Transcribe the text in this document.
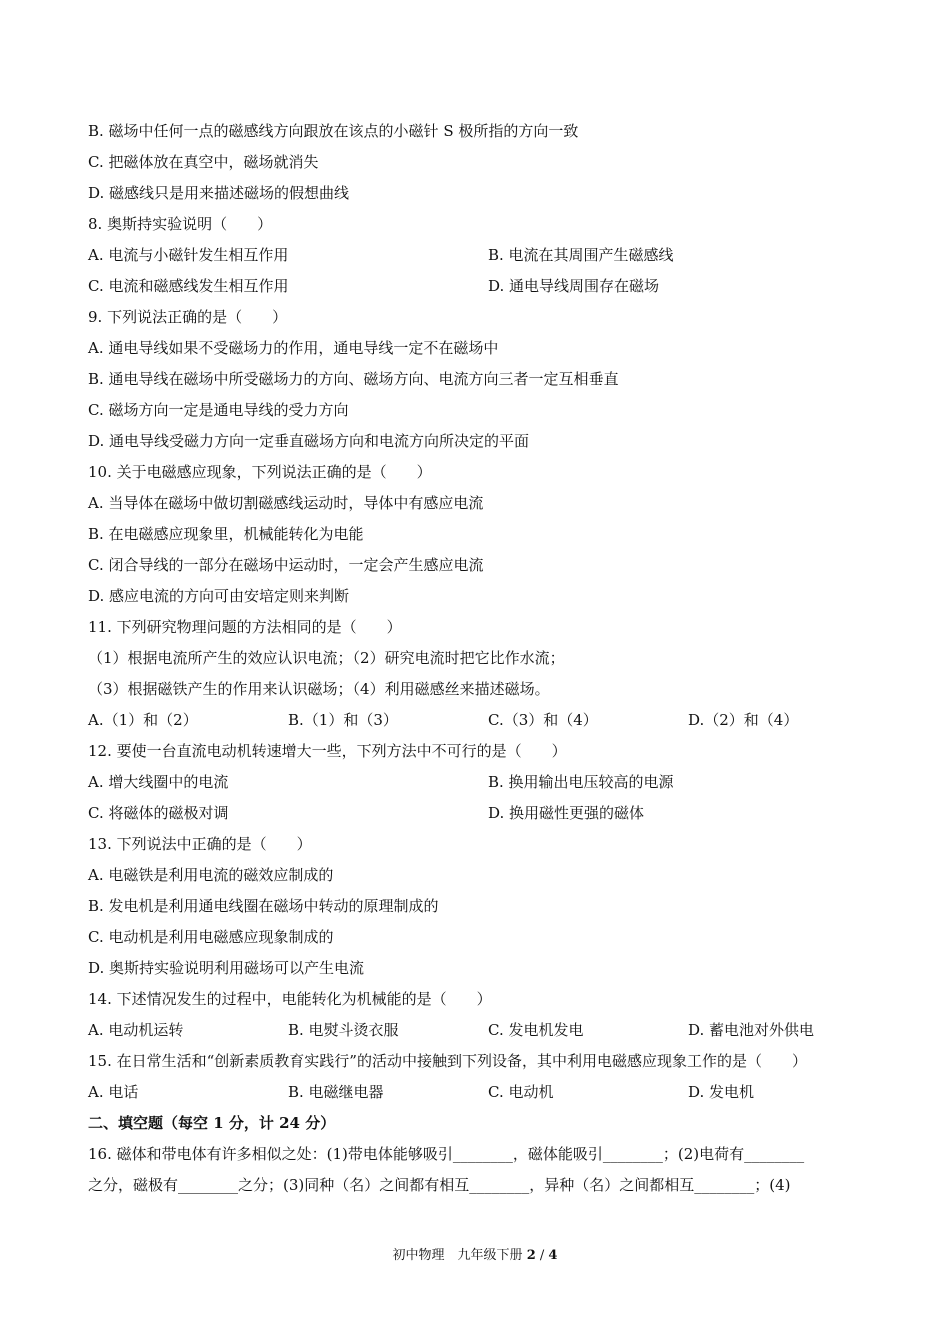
B. 磁场中任何一点的磁感线方向跟放在该点的小磁针 S 极所指的方向一致
C. 把磁体放在真空中，磁场就消失
D. 磁感线只是用来描述磁场的假想曲线
8. 奥斯持实验说明（　　）
A. 电流与小磁针发生相互作用	B. 电流在其周围产生磁感线
C. 电流和磁感线发生相互作用	D. 通电导线周围存在磁场
9. 下列说法正确的是（　　）
A. 通电导线如果不受磁场力的作用，通电导线一定不在磁场中
B. 通电导线在磁场中所受磁场力的方向、磁场方向、电流方向三者一定互相垂直
C. 磁场方向一定是通电导线的受力方向
D. 通电导线受磁力方向一定垂直磁场方向和电流方向所决定的平面
10. 关于电磁感应现象，下列说法正确的是（　　）
A. 当导体在磁场中做切割磁感线运动时，导体中有感应电流
B. 在电磁感应现象里，机械能转化为电能
C. 闭合导线的一部分在磁场中运动时，一定会产生感应电流
D. 感应电流的方向可由安培定则来判断
11. 下列研究物理问题的方法相同的是（　　）
（1）根据电流所产生的效应认识电流；（2）研究电流时把它比作水流；
（3）根据磁铁产生的作用来认识磁场；（4）利用磁感丝来描述磁场。
A.（1）和（2）	B.（1）和（3）	C.（3）和（4）	D.（2）和（4）
12. 要使一台直流电动机转速增大一些，下列方法中不可行的是（　　）
A. 增大线圈中的电流	B. 换用输出电压较高的电源
C. 将磁体的磁极对调	D. 换用磁性更强的磁体
13. 下列说法中正确的是（　　）
A. 电磁铁是利用电流的磁效应制成的
B. 发电机是利用通电线圈在磁场中转动的原理制成的
C. 电动机是利用电磁感应现象制成的
D. 奥斯持实验说明利用磁场可以产生电流
14. 下述情况发生的过程中，电能转化为机械能的是（　　）
A. 电动机运转	B. 电熨斗烫衣服	C. 发电机发电	D. 蓄电池对外供电
15. 在日常生活和“创新素质教育实践行”的活动中接触到下列设备，其中利用电磁感应现象工作的是（　　）
A. 电话	B. 电磁继电器	C. 电动机	D. 发电机
二、填空题（每空 1 分，计 24 分）
16. 磁体和带电体有许多相似之处：(1)带电体能够吸引________，磁体能吸引________；(2)电荷有________
之分，磁极有________之分；(3)同种（名）之间都有相互________，异种（名）之间都相互________；(4)
初中物理　九年级下册 2 / 4
